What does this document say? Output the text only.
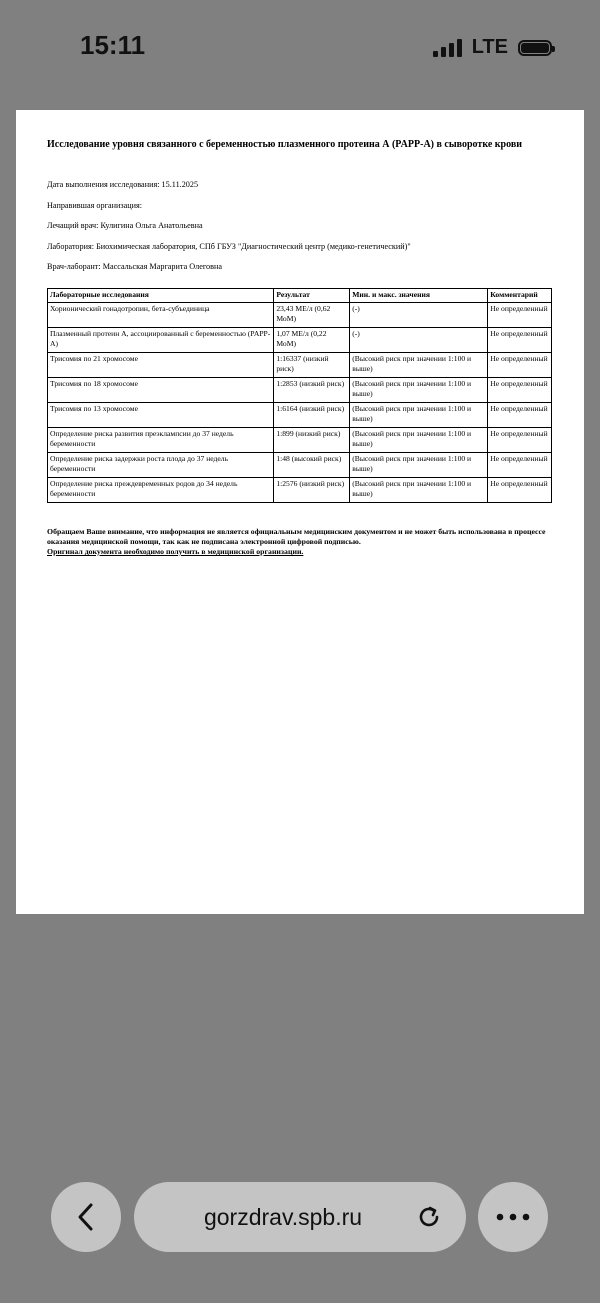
15:11	LTE
Исследование уровня связанного с беременностью плазменного протеина А (PAPP-A) в сыворотке крови
Дата выполнения исследования: 15.11.2025
Направившая организация:
Лечащий врач: Кулигина Ольга Анатольевна
Лаборатория: Биохимическая лаборатория, СПб ГБУЗ "Диагностический центр (медико-генетический)"
Врач-лаборант: Массальская Маргарита Олеговна
Лабораторные исследования	Результат	Мин. и макс. значения	Комментарий
Хорионический гонадотропин, бета-субъединица	23,43 МЕ/л (0,62 МоМ)	(-)	Не определенный
Плазменный протеин А, ассоциированный с беременностью (PAPP-A)	1,07 МЕ/л (0,22 МоМ)	(-)	Не определенный
Трисомия по 21 хромосоме	1:16337 (низкий риск)	(Высокий риск при значении 1:100 и выше)	Не определенный
Трисомия по 18 хромосоме	1:2853 (низкий риск)	(Высокий риск при значении 1:100 и выше)	Не определенный
Трисомия по 13 хромосоме	1:6164 (низкий риск)	(Высокий риск при значении 1:100 и выше)	Не определенный
Определение риска развития преэклампсии до 37 недель беременности	1:899 (низкий риск)	(Высокий риск при значении 1:100 и выше)	Не определенный
Определение риска задержки роста плода до 37 недель беременности	1:48 (высокий риск)	(Высокий риск при значении 1:100 и выше)	Не определенный
Определение риска преждевременных родов до 34 недель беременности	1:2576 (низкий риск)	(Высокий риск при значении 1:100 и выше)	Не определенный
Обращаем Ваше внимание, что информация не является официальным медицинским документом и не может быть использована в процессе оказания медицинской помощи, так как не подписана электронной цифровой подписью.
Оригинал документа необходимо получить в медицинской организации.
gorzdrav.spb.ru
